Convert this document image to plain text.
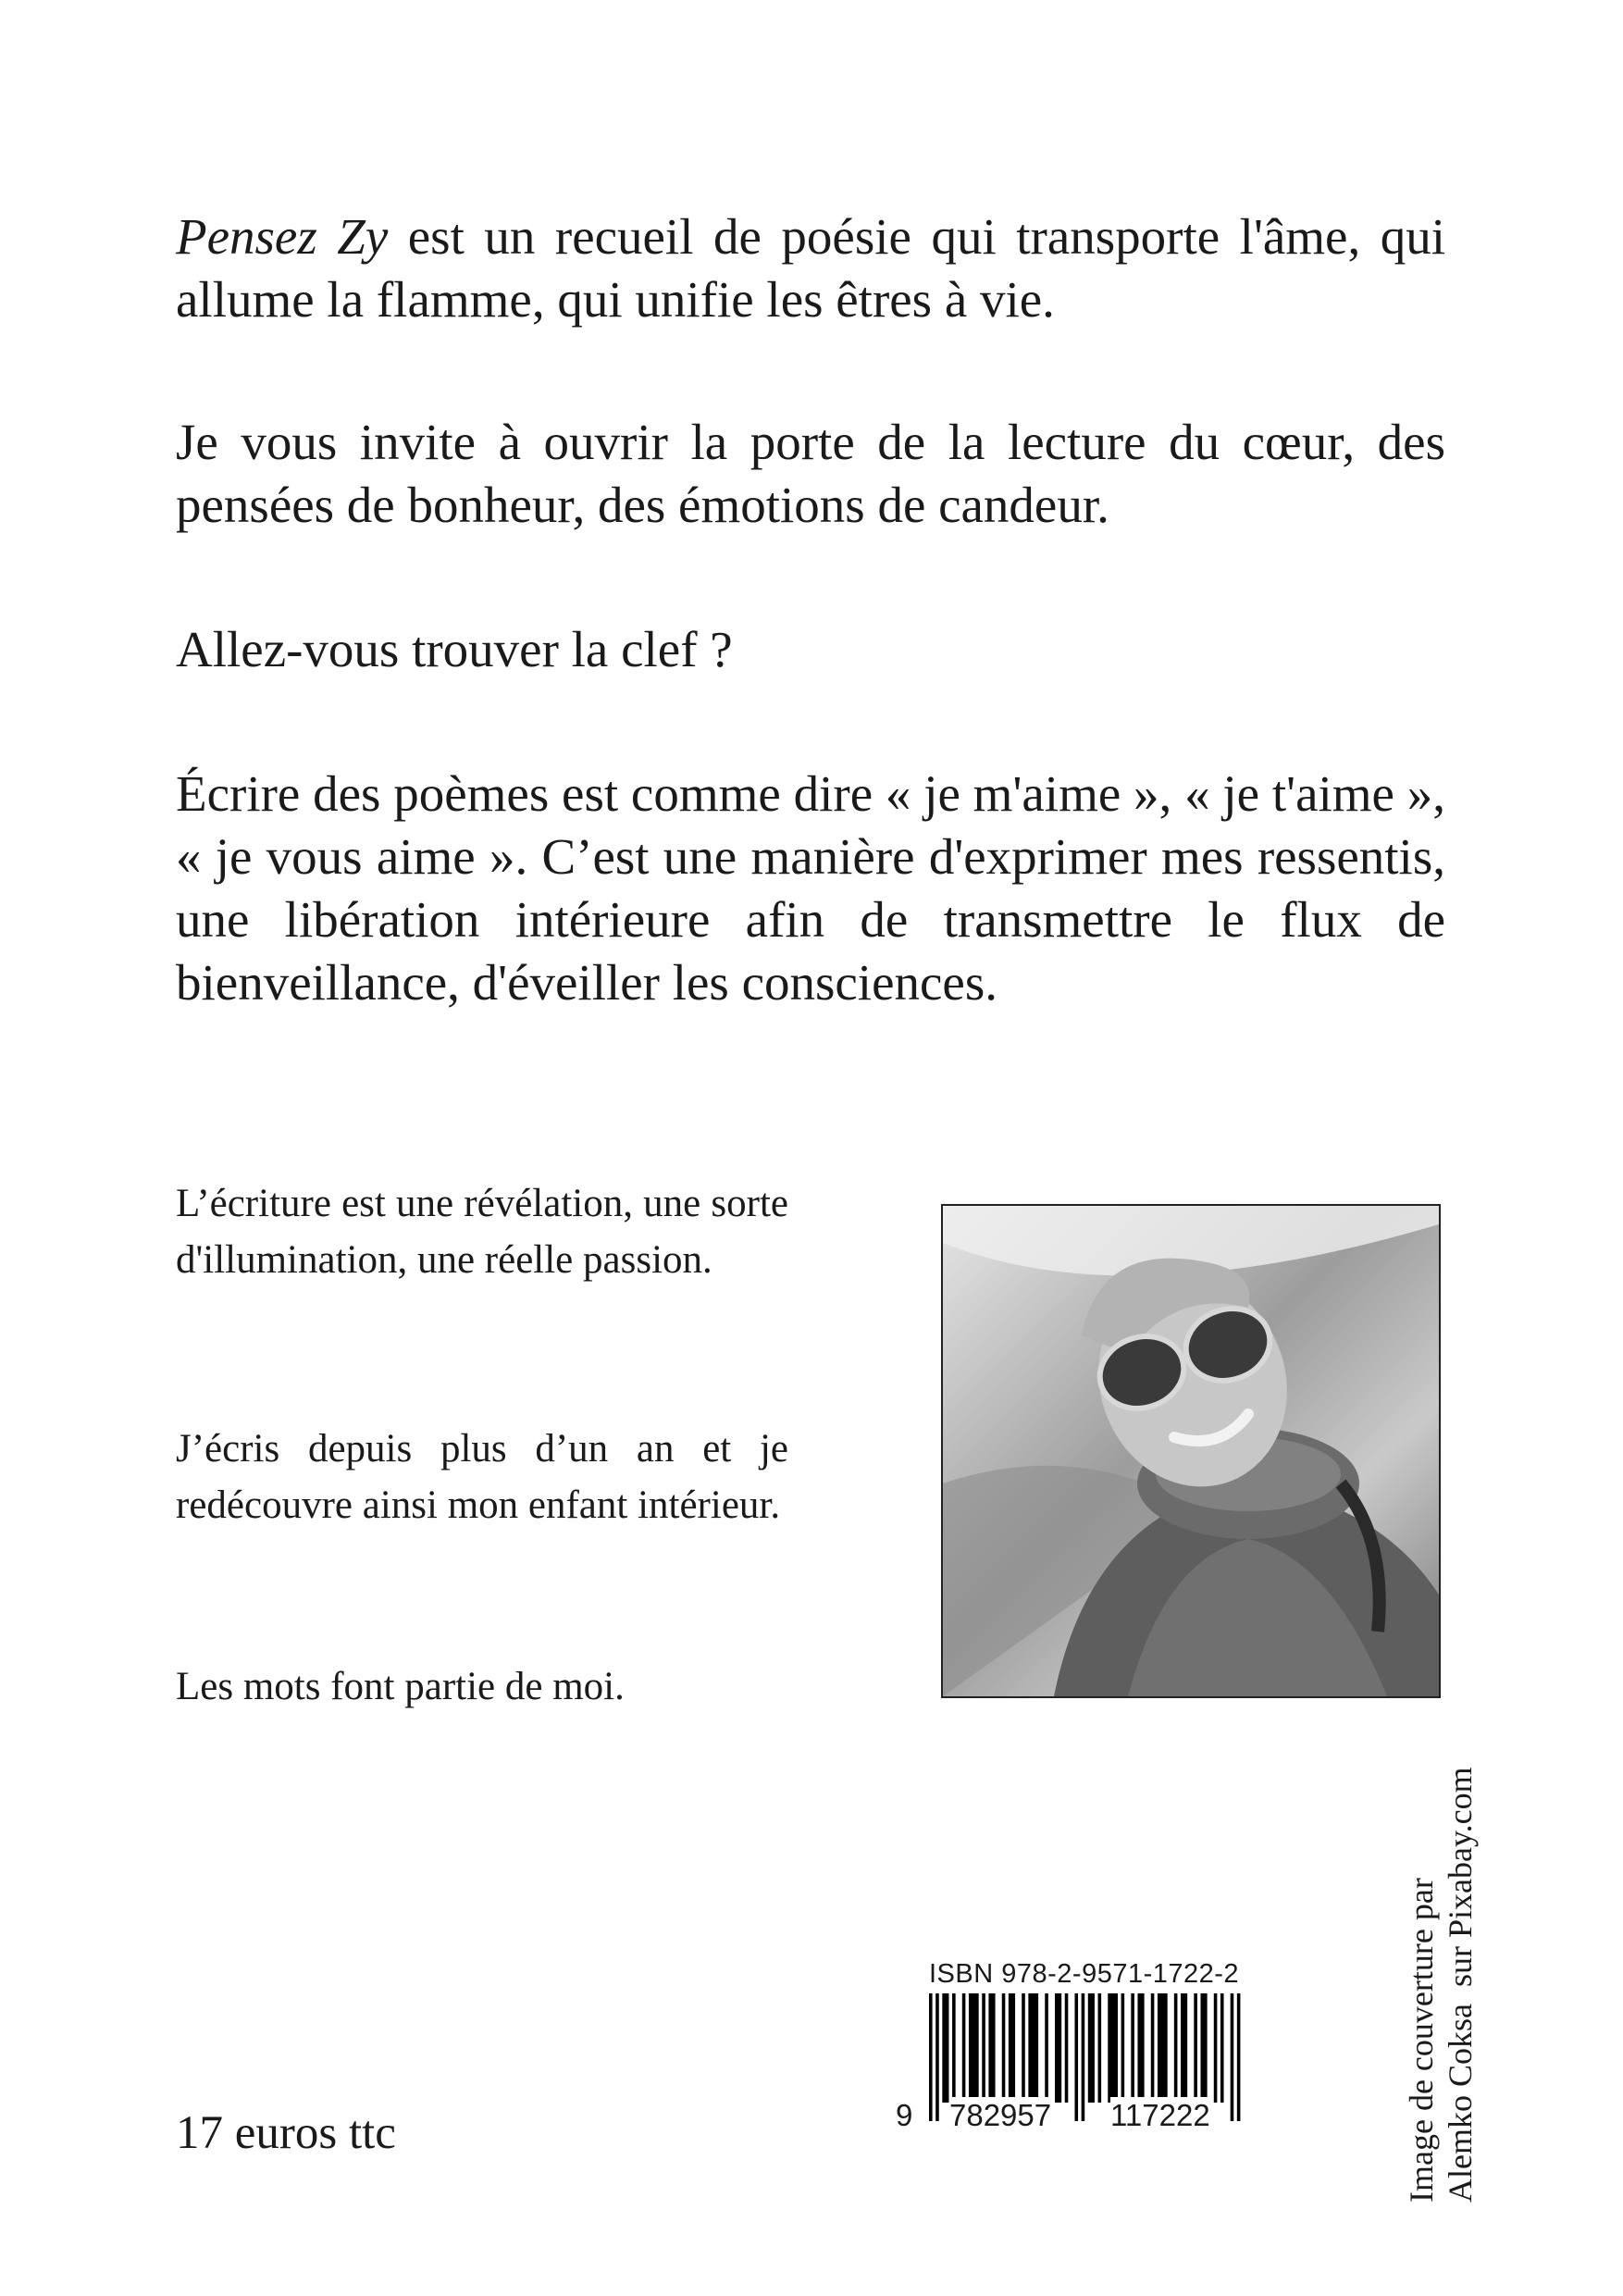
Pensez Zy est un recueil de poésie qui transporte l'âme, qui allume la flamme, qui unifie les êtres à vie.

Je vous invite à ouvrir la porte de la lecture du cœur, des pensées de bonheur, des émotions de candeur.

Allez-vous trouver la clef ?

Écrire des poèmes est comme dire « je m'aime », « je t'aime », « je vous aime ». C’est une manière d'exprimer mes ressentis, une libération intérieure afin de transmettre le flux de bienveillance, d'éveiller les consciences.

L’écriture est une révélation, une sorte d'illumination, une réelle passion.

J’écris depuis plus d’un an et je redécouvre ainsi mon enfant intérieur.

Les mots font partie de moi.

17 euros ttc

ISBN 978-2-9571-1722-2
9 782957 117222	Image de couverture par Alemko Coksa  sur Pixabay.com
